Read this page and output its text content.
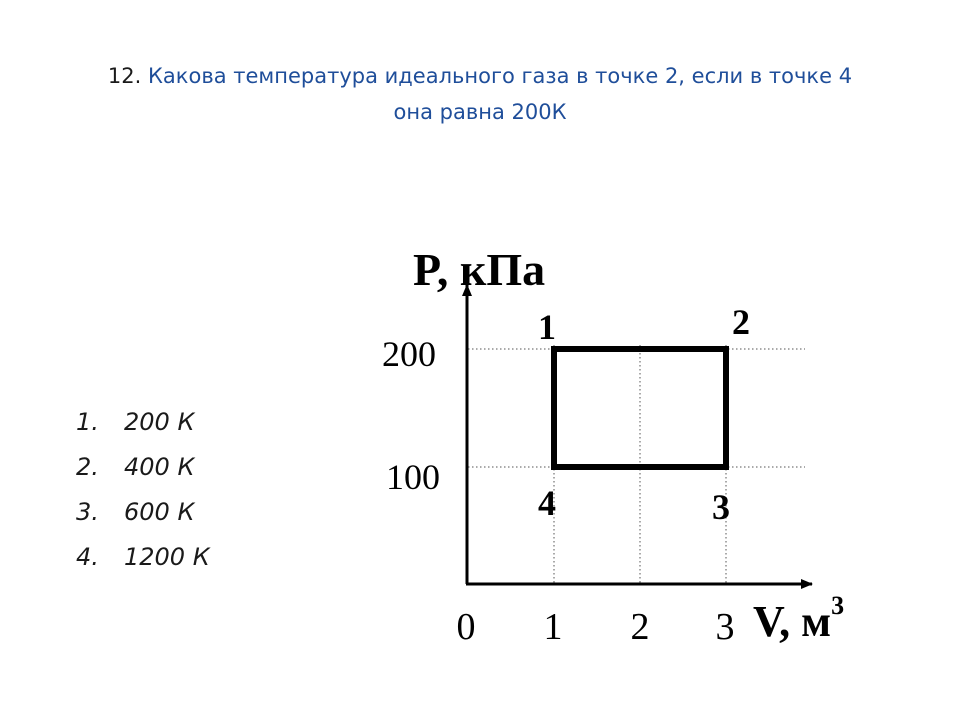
12. Какова температура идеального газа в точке 2, если в точке 4
она равна 200К
1. 200 К
2. 400 К
3. 600 К
4. 1200 К
P, кПа
V, $м^3$
200
100
0 1 2 3
1	2
3
4
